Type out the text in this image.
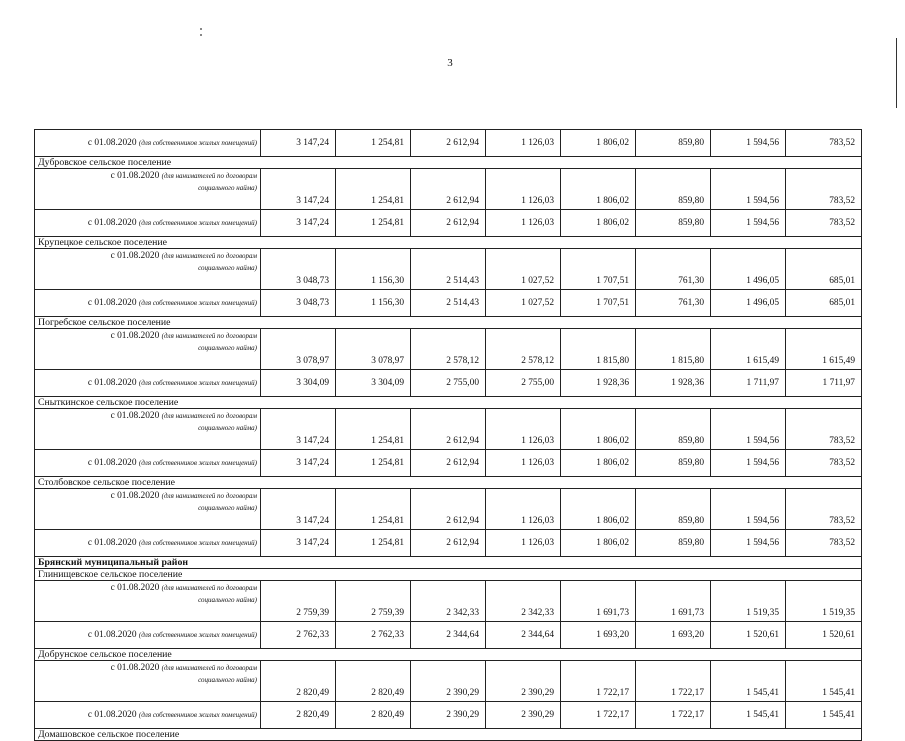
3
с 01.08.2020 (для собственников жилых помещений)	3 147,24	1 254,81	2 612,94	1 126,03	1 806,02	859,80	1 594,56	783,52
Дубровское сельское поселение								
с 01.08.2020 (для нанимателей по договорам
социального найма)	3 147,24	1 254,81	2 612,94	1 126,03	1 806,02	859,80	1 594,56	783,52
с 01.08.2020 (для собственников жилых помещений)	3 147,24	1 254,81	2 612,94	1 126,03	1 806,02	859,80	1 594,56	783,52
Крупецкое сельское поселение								
с 01.08.2020 (для нанимателей по договорам
социального найма)	3 048,73	1 156,30	2 514,43	1 027,52	1 707,51	761,30	1 496,05	685,01
с 01.08.2020 (для собственников жилых помещений)	3 048,73	1 156,30	2 514,43	1 027,52	1 707,51	761,30	1 496,05	685,01
Погребское сельское поселение								
с 01.08.2020 (для нанимателей по договорам
социального найма)	3 078,97	3 078,97	2 578,12	2 578,12	1 815,80	1 815,80	1 615,49	1 615,49
с 01.08.2020 (для собственников жилых помещений)	3 304,09	3 304,09	2 755,00	2 755,00	1 928,36	1 928,36	1 711,97	1 711,97
Сныткинское сельское поселение								
с 01.08.2020 (для нанимателей по договорам
социального найма)	3 147,24	1 254,81	2 612,94	1 126,03	1 806,02	859,80	1 594,56	783,52
с 01.08.2020 (для собственников жилых помещений)	3 147,24	1 254,81	2 612,94	1 126,03	1 806,02	859,80	1 594,56	783,52
Столбовское сельское поселение								
с 01.08.2020 (для нанимателей по договорам
социального найма)	3 147,24	1 254,81	2 612,94	1 126,03	1 806,02	859,80	1 594,56	783,52
с 01.08.2020 (для собственников жилых помещений)	3 147,24	1 254,81	2 612,94	1 126,03	1 806,02	859,80	1 594,56	783,52
Брянский муниципальный район								
Глинищевское сельское поселение								
с 01.08.2020 (для нанимателей по договорам
социального найма)	2 759,39	2 759,39	2 342,33	2 342,33	1 691,73	1 691,73	1 519,35	1 519,35
с 01.08.2020 (для собственников жилых помещений)	2 762,33	2 762,33	2 344,64	2 344,64	1 693,20	1 693,20	1 520,61	1 520,61
Добрунское сельское поселение								
с 01.08.2020 (для нанимателей по договорам
социального найма)	2 820,49	2 820,49	2 390,29	2 390,29	1 722,17	1 722,17	1 545,41	1 545,41
с 01.08.2020 (для собственников жилых помещений)	2 820,49	2 820,49	2 390,29	2 390,29	1 722,17	1 722,17	1 545,41	1 545,41
Домашовское сельское поселение								
